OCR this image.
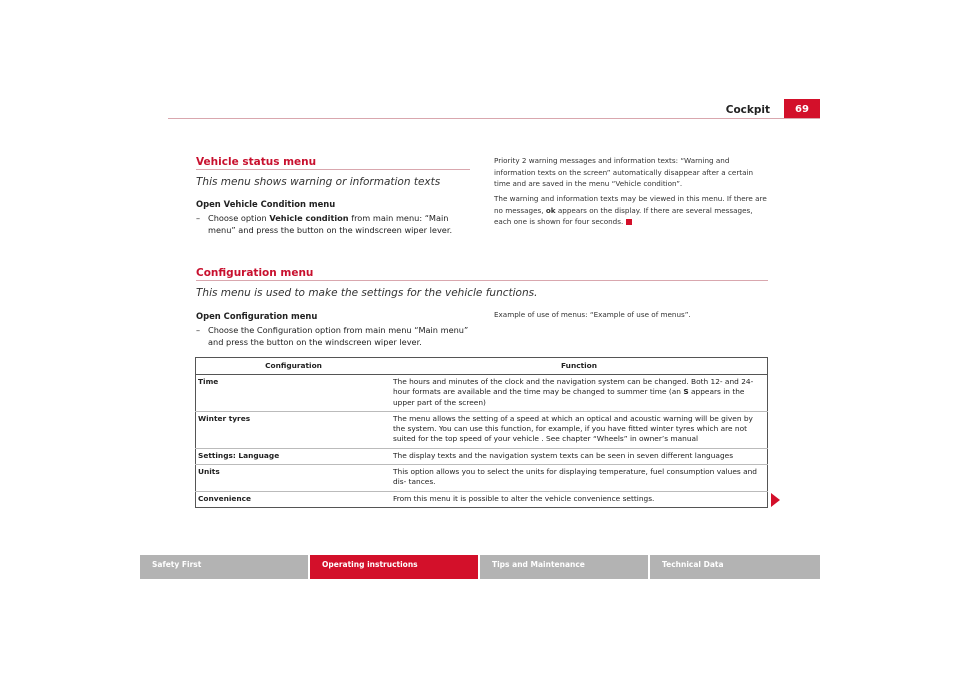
Cockpit	69
Vehicle status menu
This menu shows warning or information texts
Open Vehicle Condition menu
– Choose option Vehicle condition from main menu: “Main menu” and press the button on the windscreen wiper lever.
Priority 2 warning messages and information texts: “Warning and information texts on the screen” automatically disappear after a certain time and are saved in the menu “Vehicle condition”.
The warning and information texts may be viewed in this menu. If there are no messages, ok appears on the display. If there are several messages, each one is shown for four seconds.
Configuration menu
This menu is used to make the settings for the vehicle functions.
Open Configuration menu
– Choose the Configuration option from main menu “Main menu” and press the button on the windscreen wiper lever.
Example of use of menus: “Example of use of menus”.
Configuration	Function
Time	The hours and minutes of the clock and the navigation system can be changed. Both 12- and 24-hour formats are available and the time may be changed to summer time (an S appears in the upper part of the screen)
Winter tyres	The menu allows the setting of a speed at which an optical and acoustic warning will be given by the system. You can use this function, for example, if you have fitted winter tyres which are not suited for the top speed of your vehicle . See chapter “Wheels” in owner’s manual
Settings: Language	The display texts and the navigation system texts can be seen in seven different languages
Units	This option allows you to select the units for displaying temperature, fuel consumption values and dis- tances.
Convenience	From this menu it is possible to alter the vehicle convenience settings.
Safety First	Operating instructions	Tips and Maintenance	Technical Data
